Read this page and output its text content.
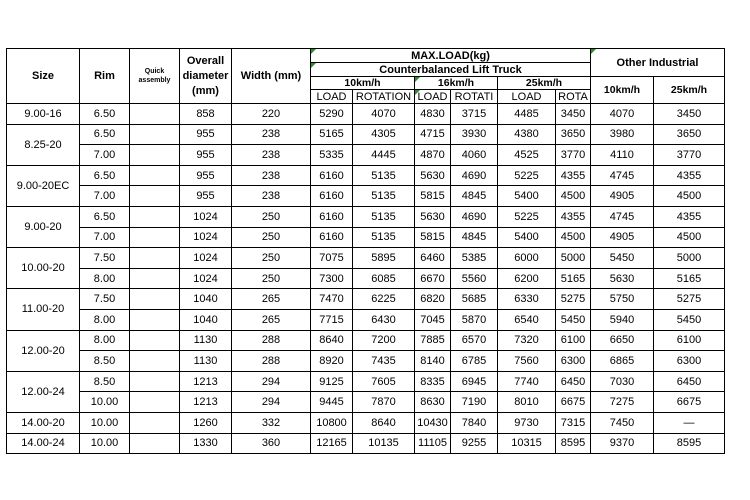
Size	Rim	Quick assembly	Overall diameter (mm)	Width (mm)	MAX.LOAD(kg)						Other Industrial	
					Counterbalanced Lift Truck							
					10km/h		16km/h		25km/h		10km/h	25km/h
					LOAD	ROTATION	LOAD	ROTATI	LOAD	ROTA		
9.00-16	6.50		858	220	5290	4070	4830	3715	4485	3450	4070	3450
8.25-20	6.50		955	238	5165	4305	4715	3930	4380	3650	3980	3650
	7.00		955	238	5335	4445	4870	4060	4525	3770	4110	3770
9.00-20EC	6.50		955	238	6160	5135	5630	4690	5225	4355	4745	4355
	7.00		955	238	6160	5135	5815	4845	5400	4500	4905	4500
9.00-20	6.50		1024	250	6160	5135	5630	4690	5225	4355	4745	4355
	7.00		1024	250	6160	5135	5815	4845	5400	4500	4905	4500
10.00-20	7.50		1024	250	7075	5895	6460	5385	6000	5000	5450	5000
	8.00		1024	250	7300	6085	6670	5560	6200	5165	5630	5165
11.00-20	7.50		1040	265	7470	6225	6820	5685	6330	5275	5750	5275
	8.00		1040	265	7715	6430	7045	5870	6540	5450	5940	5450
12.00-20	8.00		1130	288	8640	7200	7885	6570	7320	6100	6650	6100
	8.50		1130	288	8920	7435	8140	6785	7560	6300	6865	6300
12.00-24	8.50		1213	294	9125	7605	8335	6945	7740	6450	7030	6450
	10.00		1213	294	9445	7870	8630	7190	8010	6675	7275	6675
14.00-20	10.00		1260	332	10800	8640	10430	7840	9730	7315	7450	—
14.00-24	10.00		1330	360	12165	10135	11105	9255	10315	8595	9370	8595
